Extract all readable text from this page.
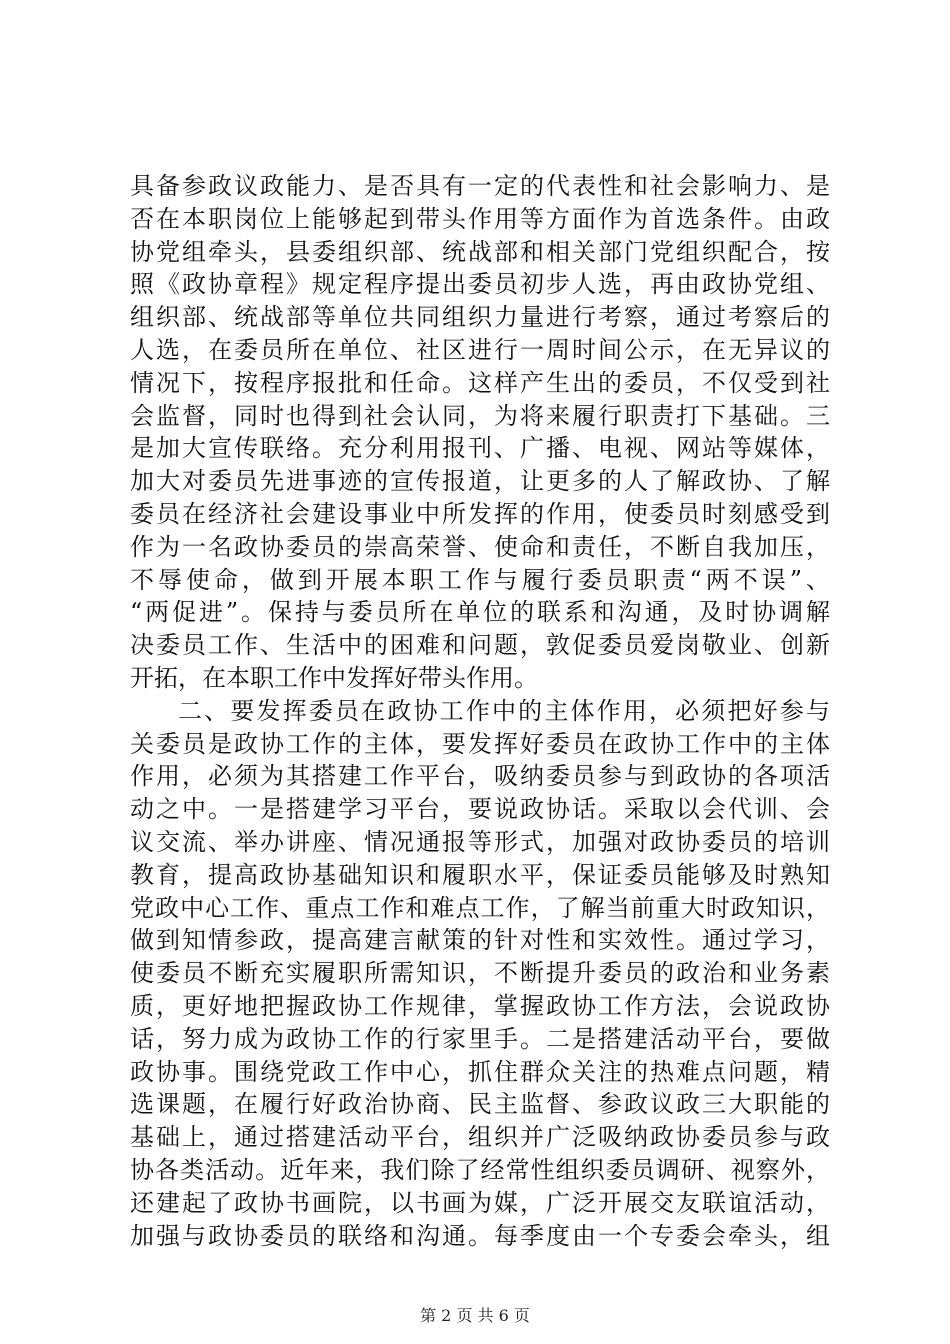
具备参政议政能力、是否具有一定的代表性和社会影响力、是
否在本职岗位上能够起到带头作用等方面作为首选条件。由政
协党组牵头，县委组织部、统战部和相关部门党组织配合，按
照《政协章程》规定程序提出委员初步人选，再由政协党组、
组织部、统战部等单位共同组织力量进行考察，通过考察后的
人选，在委员所在单位、社区进行一周时间公示，在无异议的
情况下，按程序报批和任命。这样产生出的委员，不仅受到社
会监督，同时也得到社会认同，为将来履行职责打下基础。三
是加大宣传联络。充分利用报刊、广播、电视、网站等媒体，
加大对委员先进事迹的宣传报道，让更多的人了解政协、了解
委员在经济社会建设事业中所发挥的作用，使委员时刻感受到
作为一名政协委员的崇高荣誉、使命和责任，不断自我加压，
不辱使命，做到开展本职工作与履行委员职责“两不误”、
“两促进”。保持与委员所在单位的联系和沟通，及时协调解
决委员工作、生活中的困难和问题，敦促委员爱岗敬业、创新
开拓，在本职工作中发挥好带头作用。
二、要发挥委员在政协工作中的主体作用，必须把好参与
关委员是政协工作的主体，要发挥好委员在政协工作中的主体
作用，必须为其搭建工作平台，吸纳委员参与到政协的各项活
动之中。一是搭建学习平台，要说政协话。采取以会代训、会
议交流、举办讲座、情况通报等形式，加强对政协委员的培训
教育，提高政协基础知识和履职水平，保证委员能够及时熟知
党政中心工作、重点工作和难点工作，了解当前重大时政知识，
做到知情参政，提高建言献策的针对性和实效性。通过学习，
使委员不断充实履职所需知识，不断提升委员的政治和业务素
质，更好地把握政协工作规律，掌握政协工作方法，会说政协
话，努力成为政协工作的行家里手。二是搭建活动平台，要做
政协事。围绕党政工作中心，抓住群众关注的热难点问题，精
选课题，在履行好政治协商、民主监督、参政议政三大职能的
基础上，通过搭建活动平台，组织并广泛吸纳政协委员参与政
协各类活动。近年来，我们除了经常性组织委员调研、视察外，
还建起了政协书画院，以书画为媒，广泛开展交友联谊活动，
加强与政协委员的联络和沟通。每季度由一个专委会牵头，组
第 2 页 共 6 页
